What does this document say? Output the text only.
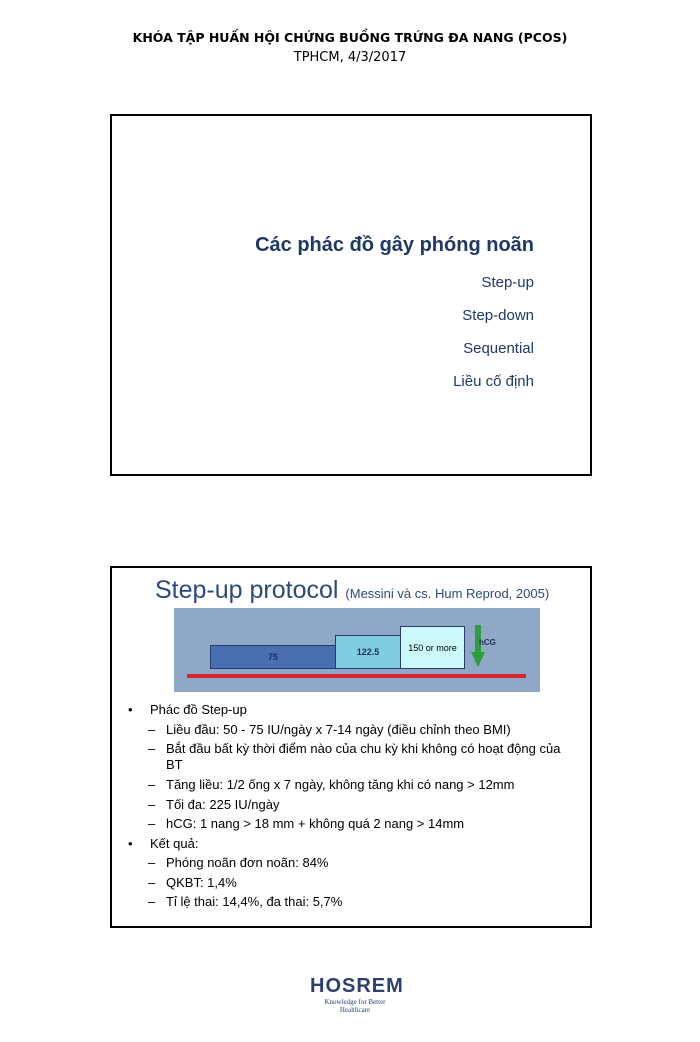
KHÓA TẬP HUẤN HỘI CHỨNG BUỒNG TRỨNG ĐA NANG (PCOS)
TPHCM, 4/3/2017
Các phác đồ gây phóng noãn
Step-up
Step-down
Sequential
Liều cố định
Step-up protocol (Messini và cs. Hum Reprod, 2005)
75	122.5	150 or more	hCG
• Phác đồ Step-up
– Liều đầu: 50 - 75 IU/ngày x 7-14 ngày (điều chỉnh theo BMI)
– Bắt đầu bất kỳ thời điểm nào của chu kỳ khi không có hoạt động của BT
– Tăng liều: 1/2 ống x 7 ngày, không tăng khi có nang > 12mm
– Tối đa: 225 IU/ngày
– hCG: 1 nang > 18 mm + không quá 2 nang > 14mm
• Kết quả:
– Phóng noãn đơn noãn: 84%
– QKBT: 1,4%
– Tỉ lệ thai: 14,4%, đa thai: 5,7%
HOSREM
Knowledge for Better Healthcare
